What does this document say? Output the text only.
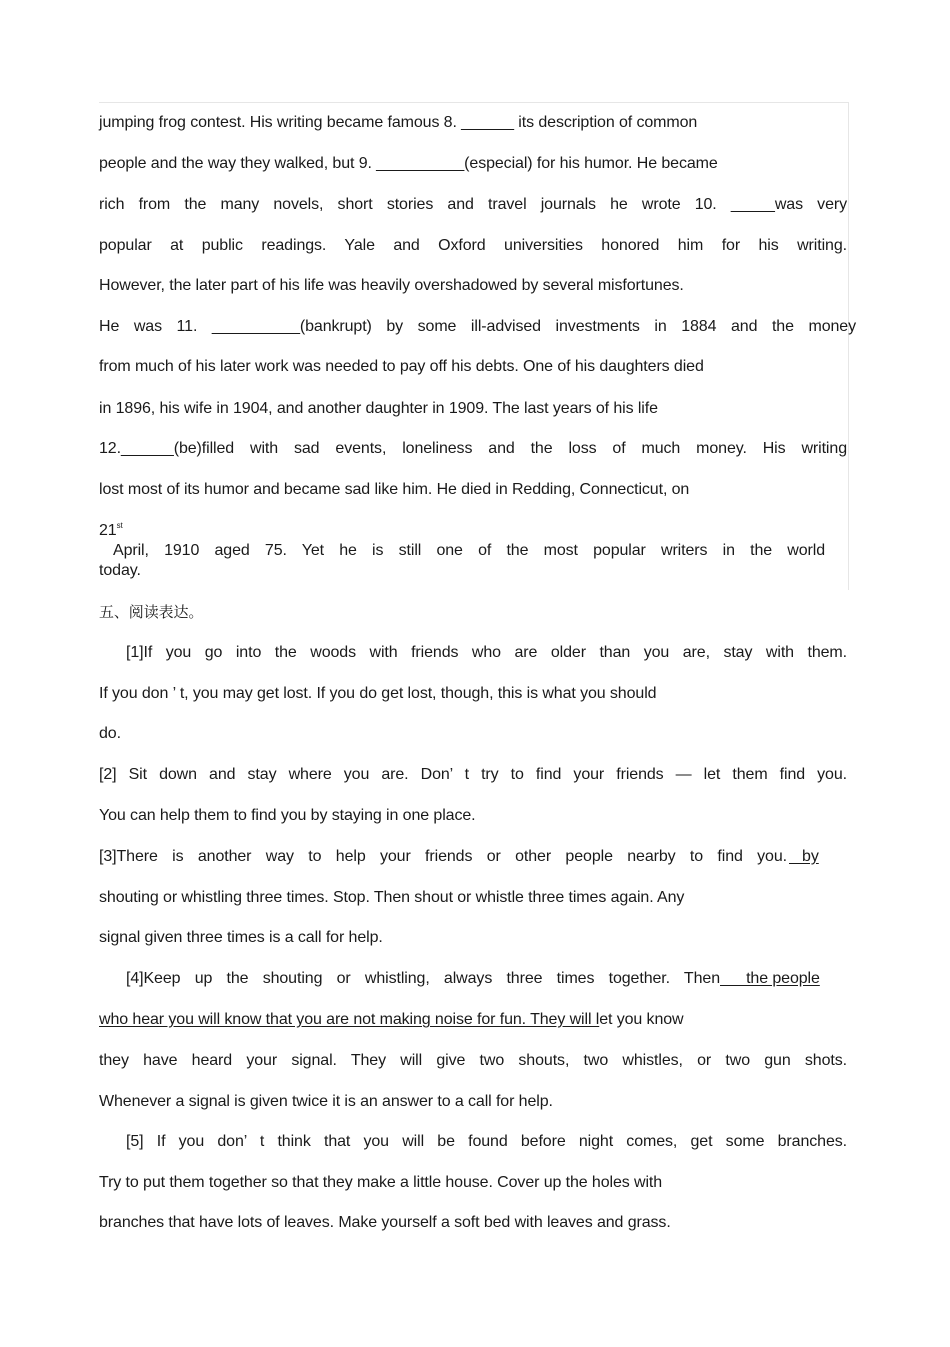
jumping frog contest. His writing became famous 8. ______ its description of common
people and the way they walked, but 9. __________(especial) for his humor. He became
rich from the many novels, short stories and travel journals he wrote 10. _____was very
popular at public readings. Yale and Oxford universities honored him for his writing.
However, the later part of his life was heavily overshadowed by several misfortunes.
He was 11. __________(bankrupt) by some ill-advised investments in 1884 and the money
from much of his later work was needed to pay off his debts. One of his daughters died
in 1896, his wife in 1904, and another daughter in 1909. The last years of his life
12.______(be)filled with sad events, loneliness and the loss of much money. His writing
lost most of its humor and became sad like him. He died in Redding, Connecticut, on
21stApril, 1910 aged 75. Yet he is still one of the most popular writers in the world
today.
五、阅读表达。
[1]If you go into the woods with friends who are older than you are, stay with them.
If you don ’ t, you may get lost. If you do get lost, though, this is what you should
do.
[2] Sit down and stay where you are. Don’ t try to find your friends — let them find you.
You can help them to find you by staying in one place.
[3]There is another way to help your friends or other people nearby to find you.   by
shouting or whistling three times. Stop. Then shout or whistle three times again. Any
signal given three times is a call for help.
[4]Keep up the shouting or whistling, always three times together. Then      the people
who hear you will know that you are not making noise for fun. They will let you know
they have heard your signal. They will give two shouts, two whistles, or two gun shots.
Whenever a signal is given twice it is an answer to a call for help.
[5] If you don’ t think that you will be found before night comes, get some branches.
Try to put them together so that they make a little house. Cover up the holes with
branches that have lots of leaves. Make yourself a soft bed with leaves and grass.
